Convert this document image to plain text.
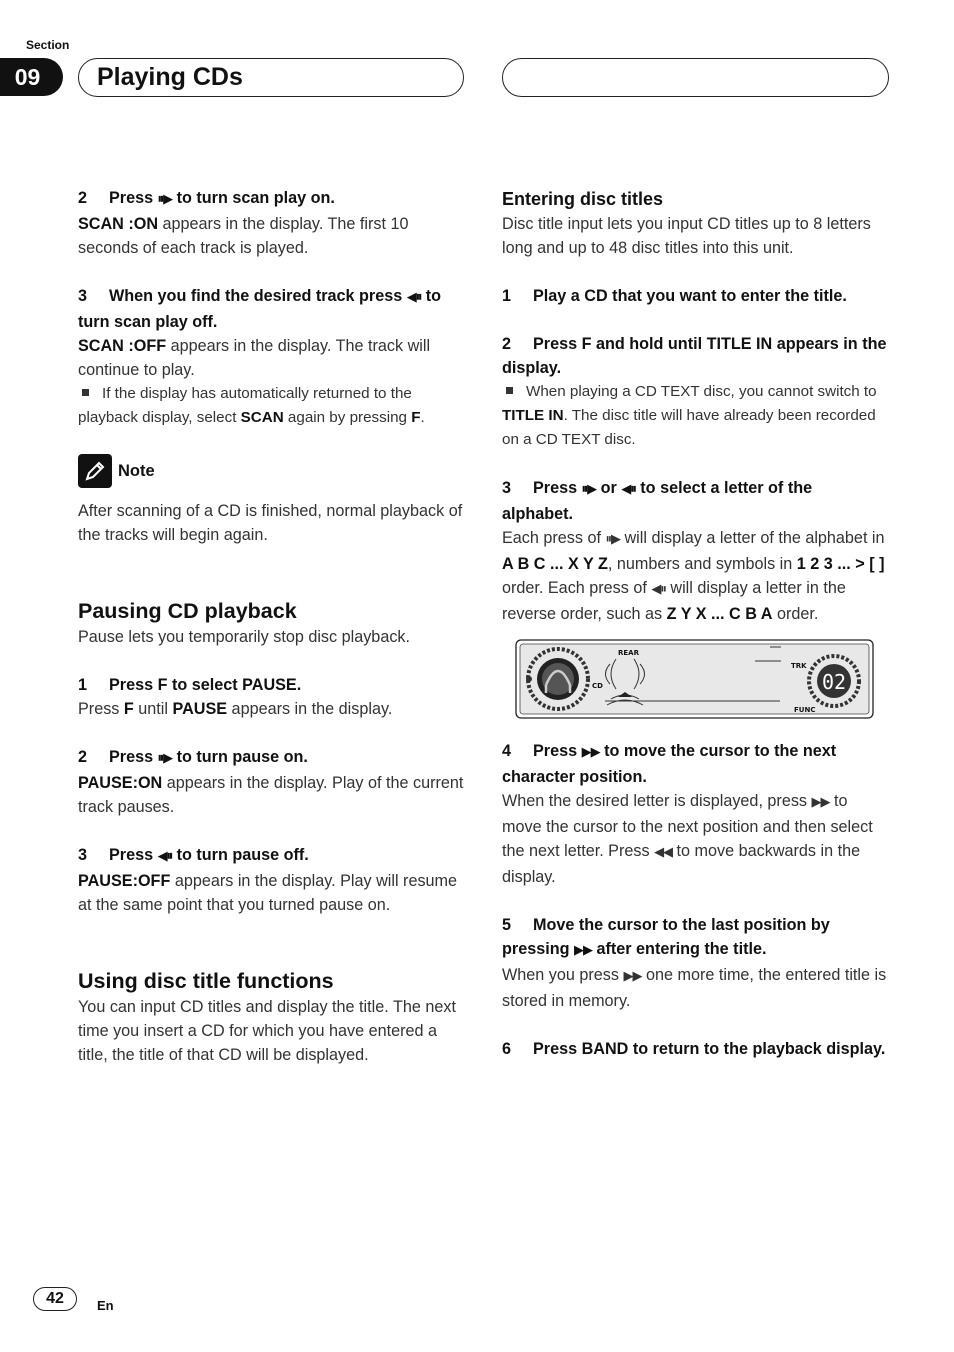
Section
09	Playing CDs

2 Press ⏸▶ to turn scan play on.

SCAN :ON appears in the display. The first 10 seconds of each track is played.

3 When you find the desired track press ◀⏸ to turn scan play off.

SCAN :OFF appears in the display. The track will continue to play.

If the display has automatically returned to the playback display, select SCAN again by pressing F.

Note

After scanning of a CD is finished, normal playback of the tracks will begin again.

Pausing CD playback

Pause lets you temporarily stop disc playback.

1 Press F to select PAUSE.

Press F until PAUSE appears in the display.

2 Press ⏸▶ to turn pause on.

PAUSE:ON appears in the display. Play of the current track pauses.

3 Press ◀⏸ to turn pause off.

PAUSE:OFF appears in the display. Play will resume at the same point that you turned pause on.

Using disc title functions

You can input CD titles and display the title. The next time you insert a CD for which you have entered a title, the title of that CD will be displayed.

Entering disc titles

Disc title input lets you input CD titles up to 8 letters long and up to 48 disc titles into this unit.

1 Play a CD that you want to enter the title.

2 Press F and hold until TITLE IN appears in the display.

When playing a CD TEXT disc, you cannot switch to TITLE IN. The disc title will have already been recorded on a CD TEXT disc.

3 Press ⏸▶ or ◀⏸ to select a letter of the alphabet.

Each press of ⏸▶ will display a letter of the alphabet in A B C ... X Y Z, numbers and symbols in 1 2 3 ... > [ ] order. Each press of ◀⏸ will display a letter in the reverse order, such as Z Y X ... C B A order.

REAR
CD
TRK
FUNC
02

4 Press ▶▶ to move the cursor to the next character position.

When the desired letter is displayed, press ▶▶ to move the cursor to the next position and then select the next letter. Press ◀◀ to move backwards in the display.

5 Move the cursor to the last position by pressing ▶▶ after entering the title.

When you press ▶▶ one more time, the entered title is stored in memory.

6 Press BAND to return to the playback display.

42	En
